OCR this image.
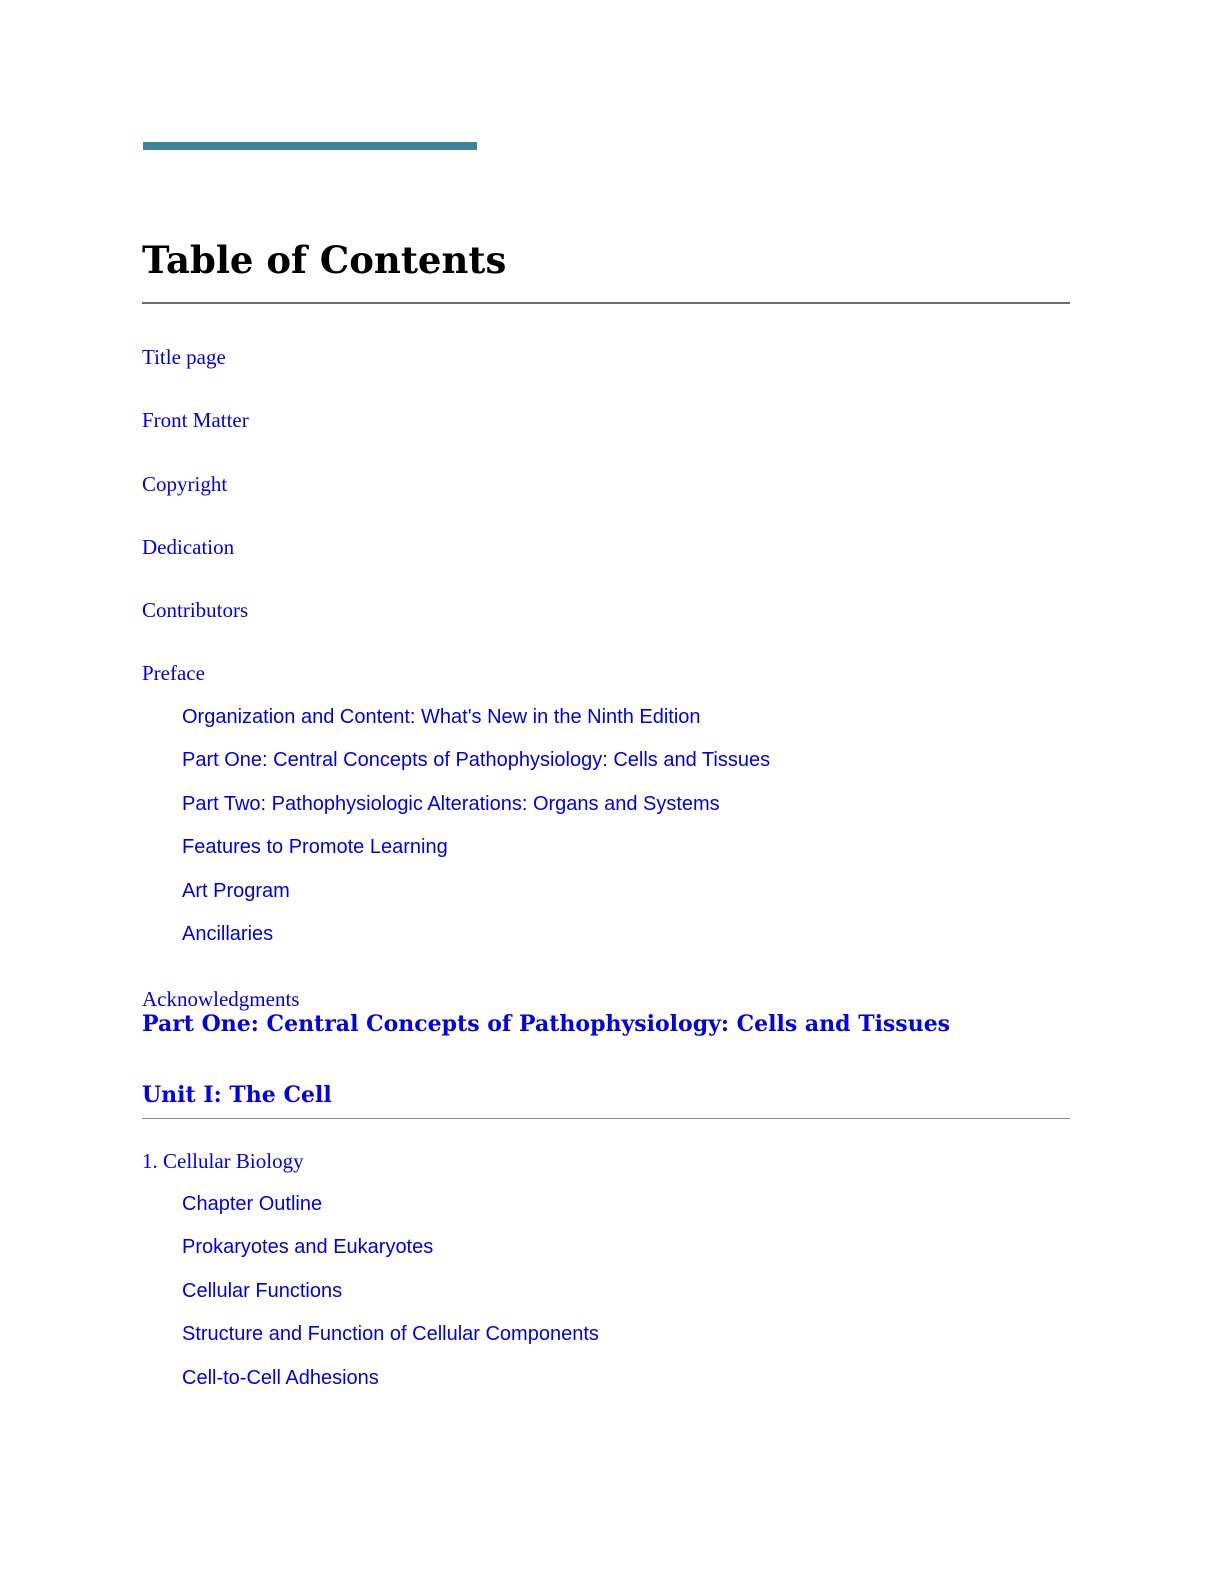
Table of Contents
Title page
Front Matter
Copyright
Dedication
Contributors
Preface
Organization and Content: What's New in the Ninth Edition
Part One: Central Concepts of Pathophysiology: Cells and Tissues
Part Two: Pathophysiologic Alterations: Organs and Systems
Features to Promote Learning
Art Program
Ancillaries
Acknowledgments
Part One: Central Concepts of Pathophysiology: Cells and Tissues
Unit I: The Cell
1. Cellular Biology
Chapter Outline
Prokaryotes and Eukaryotes
Cellular Functions
Structure and Function of Cellular Components
Cell-to-Cell Adhesions
